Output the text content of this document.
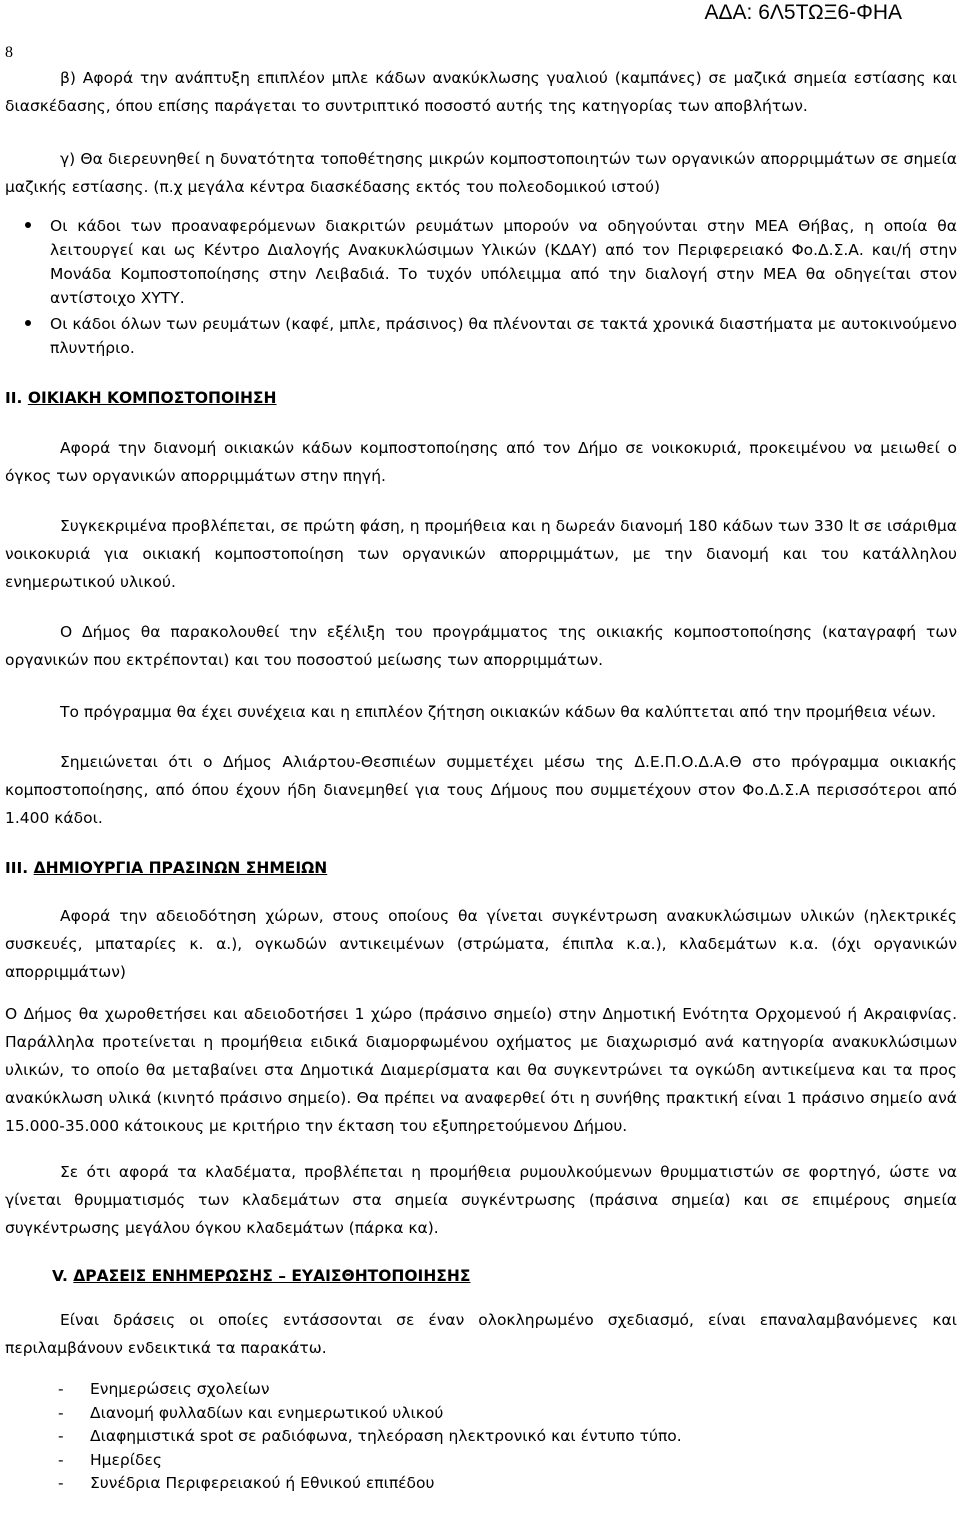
ΑΔΑ: 6Λ5ΤΩΞ6-ΦΗΑ
8

β) Αφορά την ανάπτυξη επιπλέον μπλε κάδων ανακύκλωσης γυαλιού (καμπάνες) σε μαζικά σημεία εστίασης και διασκέδασης, όπου επίσης παράγεται το συντριπτικό ποσοστό αυτής της κατηγορίας των αποβλήτων.

γ) Θα διερευνηθεί η δυνατότητα τοποθέτησης μικρών κομποστοποιητών των οργανικών απορριμμάτων σε σημεία μαζικής εστίασης. (π.χ μεγάλα κέντρα διασκέδασης εκτός του πολεοδομικού ιστού)

Οι κάδοι των προαναφερόμενων διακριτών ρευμάτων μπορούν να οδηγούνται στην ΜΕΑ Θήβας, η οποία θα λειτουργεί και ως Κέντρο Διαλογής Ανακυκλώσιμων Υλικών (ΚΔΑΥ) από τον Περιφερειακό Φο.Δ.Σ.Α. και/ή στην Μονάδα Κομποστοποίησης στην Λειβαδιά. Το τυχόν υπόλειμμα από την διαλογή στην ΜΕΑ θα οδηγείται στον αντίστοιχο ΧΥΤΥ.
Οι κάδοι όλων των ρευμάτων (καφέ, μπλε, πράσινος) θα πλένονται σε τακτά χρονικά διαστήματα με αυτοκινούμενο πλυντήριο.
II. ΟΙΚΙΑΚΗ ΚΟΜΠΟΣΤΟΠΟΙΗΣΗ

Αφορά την διανομή οικιακών κάδων κομποστοποίησης από τον Δήμο σε νοικοκυριά, προκειμένου να μειωθεί ο όγκος των οργανικών απορριμμάτων στην πηγή.

Συγκεκριμένα προβλέπεται, σε πρώτη φάση, η προμήθεια και η δωρεάν διανομή 180 κάδων των 330 lt σε ισάριθμα νοικοκυριά για οικιακή κομποστοποίηση των οργανικών απορριμμάτων, με την διανομή και του κατάλληλου ενημερωτικού υλικού.

Ο Δήμος θα παρακολουθεί την εξέλιξη του προγράμματος της οικιακής κομποστοποίησης (καταγραφή των οργανικών που εκτρέπονται) και του ποσοστού μείωσης των απορριμμάτων.

Το πρόγραμμα θα έχει συνέχεια και η επιπλέον ζήτηση οικιακών κάδων θα καλύπτεται από την προμήθεια νέων.

Σημειώνεται ότι ο Δήμος Αλιάρτου-Θεσπιέων συμμετέχει μέσω της Δ.Ε.Π.Ο.Δ.Α.Θ στο πρόγραμμα οικιακής κομποστοποίησης, από όπου έχουν ήδη διανεμηθεί για τους Δήμους που συμμετέχουν στον Φο.Δ.Σ.Α περισσότεροι από 1.400 κάδοι.

III. ΔΗΜΙΟΥΡΓΙΑ ΠΡΑΣΙΝΩΝ ΣΗΜΕΙΩΝ

Αφορά την αδειοδότηση χώρων, στους οποίους θα γίνεται συγκέντρωση ανακυκλώσιμων υλικών (ηλεκτρικές συσκευές, μπαταρίες κ. α.), ογκωδών αντικειμένων (στρώματα, έπιπλα κ.α.), κλαδεμάτων κ.α. (όχι οργανικών απορριμμάτων)

Ο Δήμος θα χωροθετήσει και αδειοδοτήσει 1 χώρο (πράσινο σημείο) στην Δημοτική Ενότητα Ορχομενού ή Ακραιφνίας. Παράλληλα προτείνεται η προμήθεια ειδικά διαμορφωμένου οχήματος με διαχωρισμό ανά κατηγορία ανακυκλώσιμων υλικών, το οποίο θα μεταβαίνει στα Δημοτικά Διαμερίσματα και θα συγκεντρώνει τα ογκώδη αντικείμενα και τα προς ανακύκλωση υλικά (κινητό πράσινο σημείο). Θα πρέπει να αναφερθεί ότι η συνήθης πρακτική είναι 1 πράσινο σημείο ανά 15.000-35.000 κάτοικους με κριτήριο την έκταση του εξυπηρετούμενου Δήμου.

Σε ότι αφορά τα κλαδέματα, προβλέπεται η προμήθεια ρυμουλκούμενων θρυμματιστών σε φορτηγό, ώστε να γίνεται θρυμματισμός των κλαδεμάτων στα σημεία συγκέντρωσης (πράσινα σημεία) και σε επιμέρους σημεία συγκέντρωσης μεγάλου όγκου κλαδεμάτων (πάρκα κα).

V. ΔΡΑΣΕΙΣ ΕΝΗΜΕΡΩΣΗΣ – ΕΥΑΙΣΘΗΤΟΠΟΙΗΣΗΣ

Είναι δράσεις οι οποίες εντάσσονται σε έναν ολοκληρωμένο σχεδιασμό, είναι επαναλαμβανόμενες και περιλαμβάνουν ενδεικτικά τα παρακάτω.

- Ενημερώσεις σχολείων
- Διανομή φυλλαδίων και ενημερωτικού υλικού
- Διαφημιστικά spot σε ραδιόφωνα, τηλεόραση ηλεκτρονικό και έντυπο τύπο.
- Ημερίδες
- Συνέδρια Περιφερειακού ή Εθνικού επιπέδου
